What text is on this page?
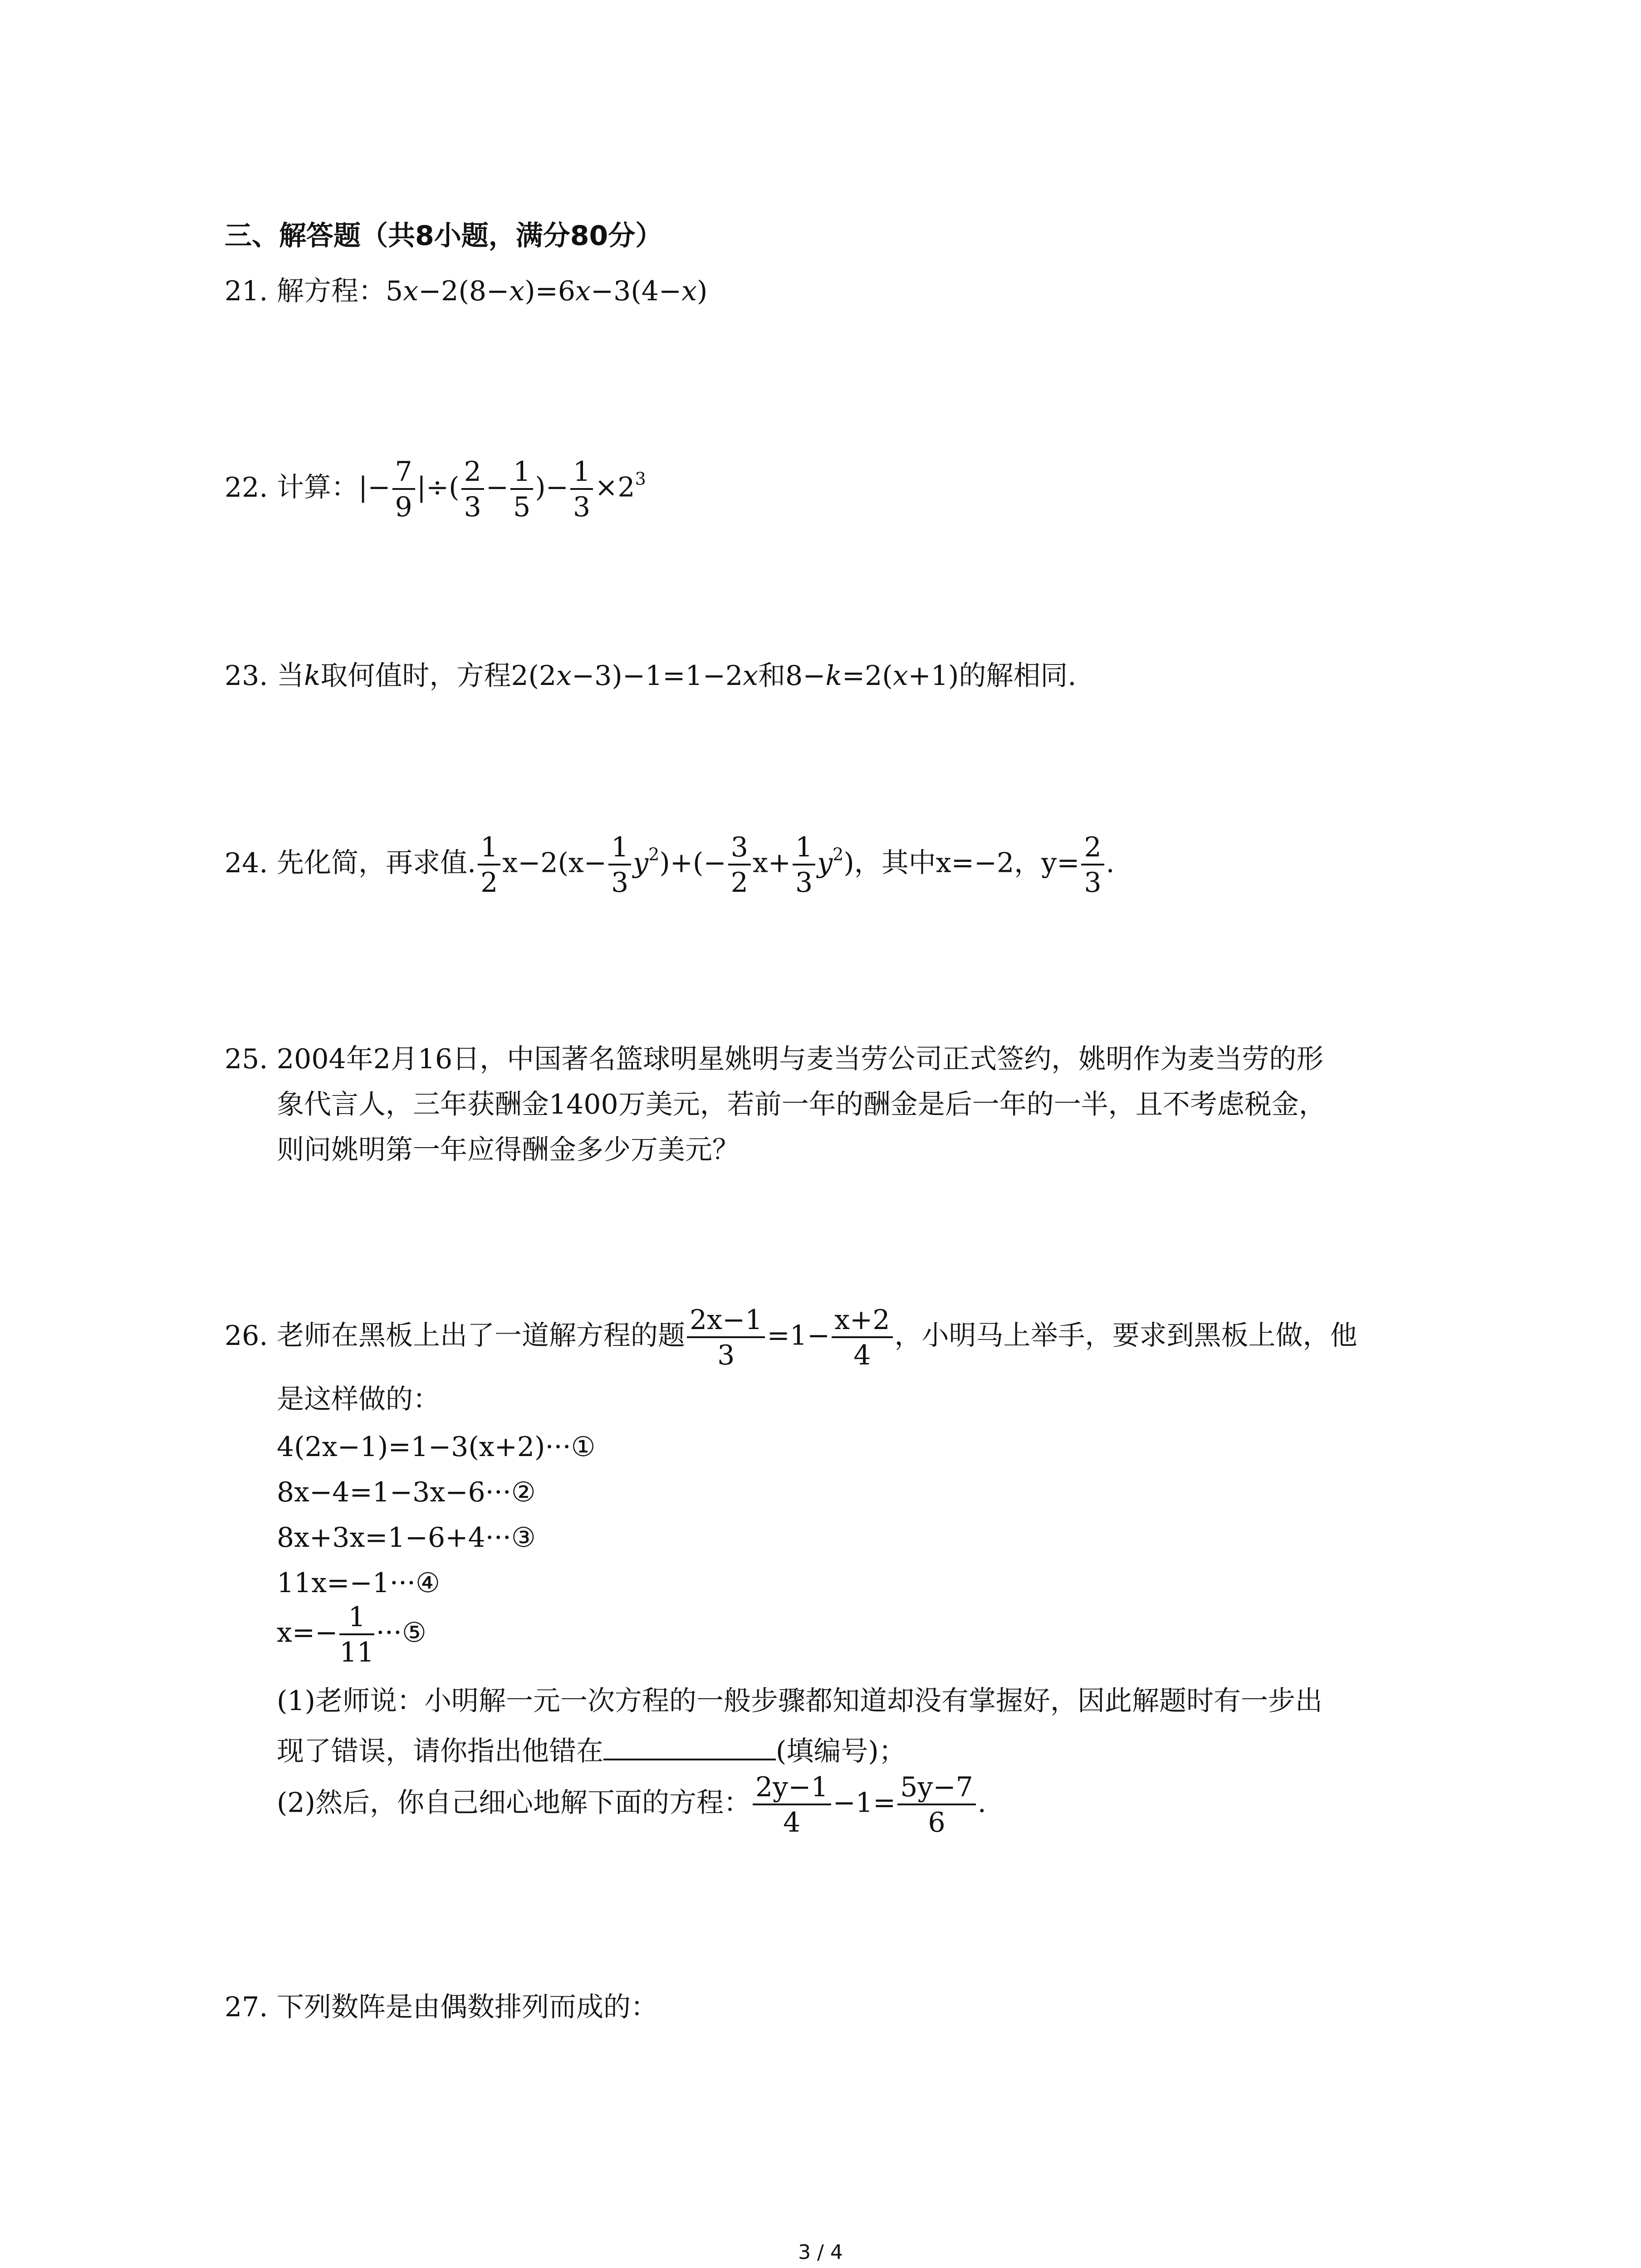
三、解答题（共8小题，满分80分）
21. 解方程：5x−2(8−x)=6x−3(4−x)
22. 计算：|− $\frac{7}{9}$ |÷( $\frac{2}{3} - \frac{1}{5}$ )− $\frac{1}{3} \times 2^3$
23. 当k取何值时，方程2(2x−3)−1=1−2x和8−k=2(x+1)的解相同.
24. 先化简，再求值. $\frac{1}{2} x-2(x- \frac{1}{3} y^2)+(- \frac{3}{2} x+ \frac{1}{3} y^2)$，其中x=−2，$y= \frac{2}{3}$ .
25. 2004年2月16日，中国著名篮球明星姚明与麦当劳公司正式签约，姚明作为麦当劳的形
象代言人，三年获酬金1400万美元，若前一年的酬金是后一年的一半，且不考虑税金，
则问姚明第一年应得酬金多少万美元？
26. 老师在黑板上出了一道解方程的题 $\frac{2x-1}{3} =1- \frac{x+2}{4}$ ，小明马上举手，要求到黑板上做，他
是这样做的：
4(2x−1)=1−3(x+2)···①
8x−4=1−3x−6···②
8x+3x=1−6+4···③
11x=−1···④
$x=- \frac{1}{11}$ ···⑤
(1)老师说：小明解一元一次方程的一般步骤都知道却没有掌握好，因此解题时有一步出
现了错误，请你指出他错在	(填编号)；
(2)然后，你自己细心地解下面的方程： $\frac{2y-1}{4} -1= \frac{5y-7}{6}$ .
27. 下列数阵是由偶数排列而成的：
3 / 4
